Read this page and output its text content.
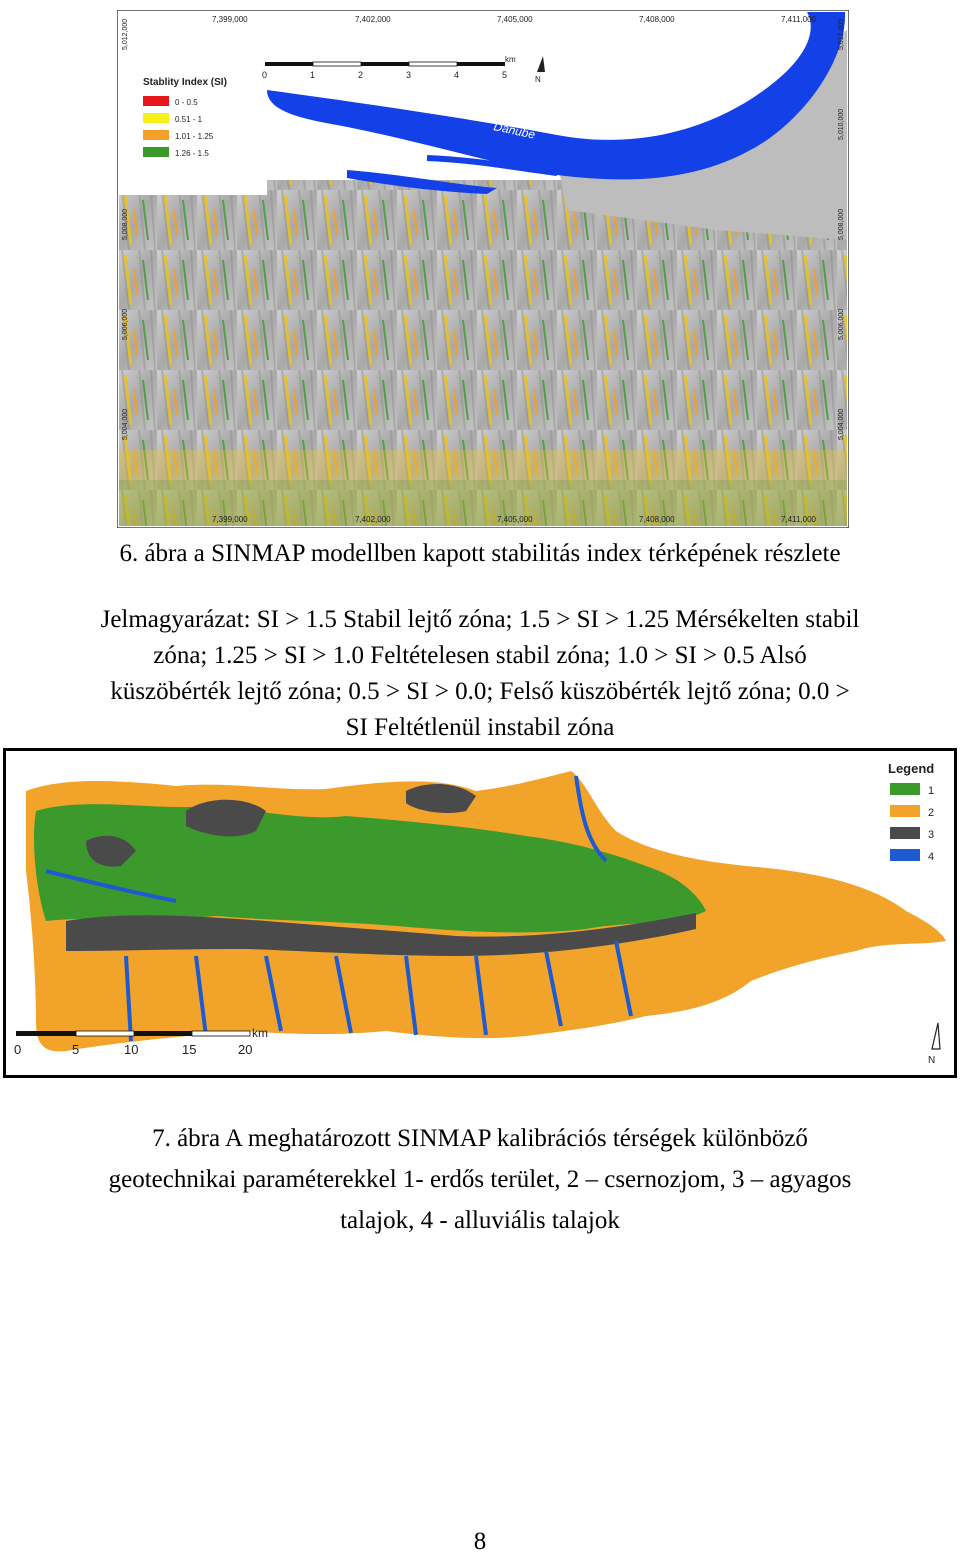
7,399,000	7,402,000	7,405,000	7,408,000	7,411,000
7,399,000	7,402,000	7,405,000	7,408,000	7,411,000
5,012,000
5,008,000
5,006,000
5,004,000
5,012,000
5,010,000
5,008,000
5,006,000
5,004,000
Stablity Index (SI)
0 - 0.5
0.51 - 1
1.01 - 1.25
1.26 - 1.5
0	1	2	3	4	5
km
N
Danube
6. ábra a SINMAP modellben kapott stabilitás index térképének részlete
Jelmagyarázat: SI > 1.5 Stabil lejtő zóna; 1.5 > SI > 1.25 Mérsékelten stabil
zóna; 1.25 > SI > 1.0 Feltételesen stabil zóna; 1.0 > SI > 0.5 Alsó
küszöbérték lejtő zóna; 0.5 > SI > 0.0; Felső küszöbérték lejtő zóna; 0.0 >
SI Feltétlenül instabil zóna
Legend
1
2
3
4
0	5	10	15	20
km
N
7. ábra A meghatározott SINMAP kalibrációs térségek különböző
geotechnikai paraméterekkel 1- erdős terület, 2 – csernozjom, 3 – agyagos
talajok, 4 - alluviális talajok
8
